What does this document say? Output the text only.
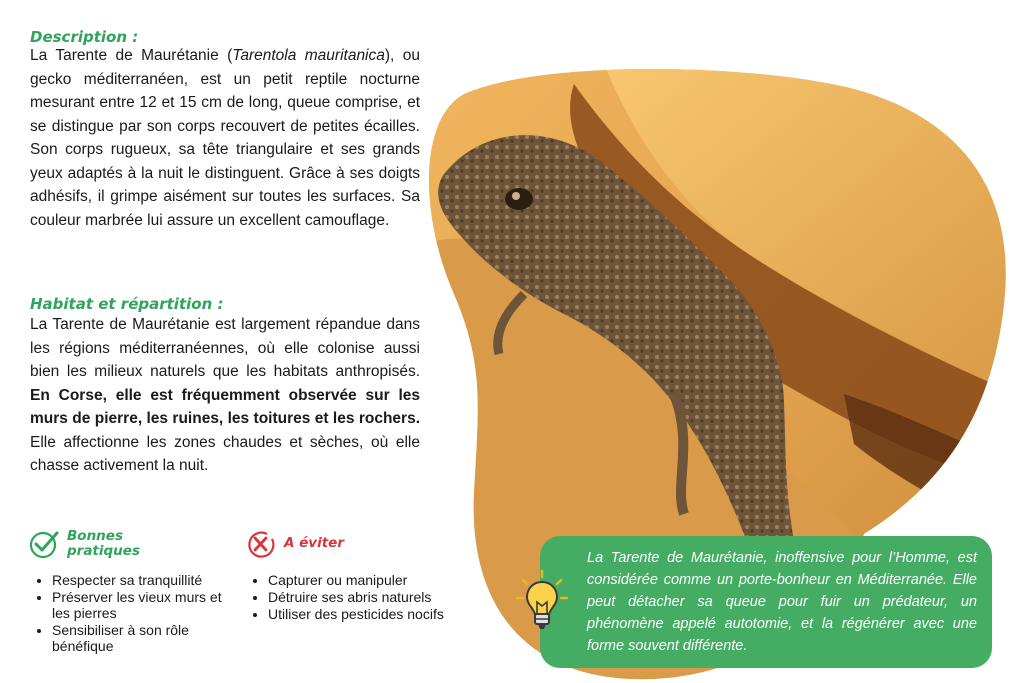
Description :
La Tarente de Maurétanie (Tarentola mauritanica), ou gecko méditerranéen, est un petit reptile nocturne mesurant entre 12 et 15 cm de long, queue comprise, et se distingue par son corps recouvert de petites écailles. Son corps rugueux, sa tête triangulaire et ses grands yeux adaptés à la nuit le distinguent. Grâce à ses doigts adhésifs, il grimpe aisément sur toutes les surfaces. Sa couleur marbrée lui assure un excellent camouflage.
Habitat et répartition :
La Tarente de Maurétanie est largement répandue dans les régions méditerranéennes, où elle colonise aussi bien les milieux naturels que les habitats anthropisés. En Corse, elle est fréquemment observée sur les murs de pierre, les ruines, les toitures et les rochers. Elle affectionne les zones chaudes et sèches, où elle chasse activement la nuit.
Bonnes
pratiques
• Respecter sa tranquillité
• Préserver les vieux murs et les pierres
• Sensibiliser à son rôle bénéfique
A éviter
• Capturer ou manipuler
• Détruire ses abris naturels
• Utiliser des pesticides nocifs
La Tarente de Maurétanie, inoffensive pour l’Homme, est considérée comme un porte-bonheur en Méditerranée. Elle peut détacher sa queue pour fuir un prédateur, un phénomène appelé autotomie, et la régénérer avec une forme souvent différente.
